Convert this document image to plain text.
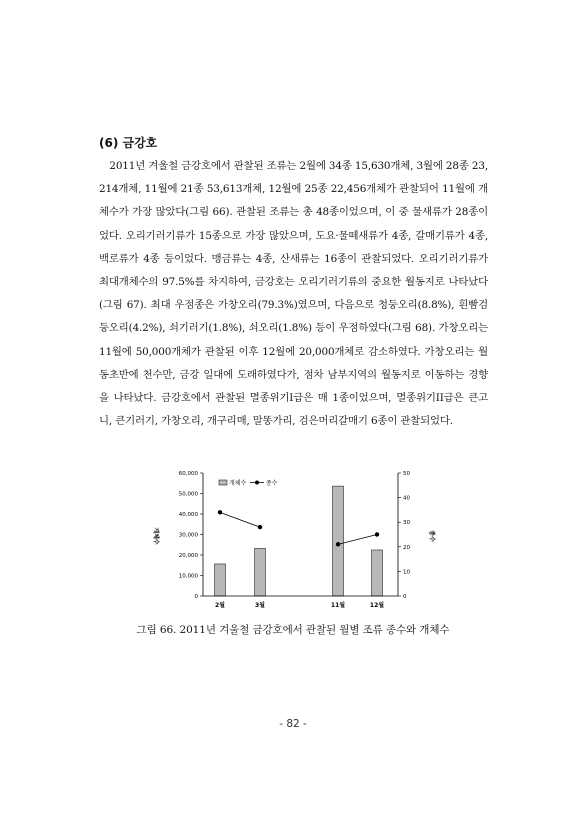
(6) 금강호

2011년 겨울철 금강호에서 관찰된 조류는 2월에 34종 15,630개체, 3월에 28종 23,214개체, 11월에 21종 53,613개체, 12월에 25종 22,456개체가 관찰되어 11월에 개체수가 가장 많았다(그림 66). 관찰된 조류는 총 48종이었으며, 이 중 물새류가 28종이었다. 오리기러기류가 15종으로 가장 많았으며, 도요·물떼새류가 4종, 갈매기류가 4종, 백로류가 4종 등이었다. 맹금류는 4종, 산새류는 16종이 관찰되었다. 오리기러기류가 최대개체수의 97.5%를 차지하여, 금강호는 오리기러기류의 중요한 월동지로 나타났다(그림 67). 최대 우점종은 가창오리(79.3%)였으며, 다음으로 청둥오리(8.8%), 흰빰검둥오리(4.2%), 쇠기러기(1.8%), 쇠오리(1.8%) 등이 우점하였다(그림 68). 가창오리는 11월에 50,000개체가 관찰된 이후 12월에 20,000개체로 감소하였다. 가창오리는 월동초반에 천수만, 금강 일대에 도래하였다가, 점차 남부지역의 월동지로 이동하는 경향을 나타났다. 금강호에서 관찰된 멸종위기I급은 매 1종이었으며, 멸종위기II급은 큰고니, 큰기러기, 가창오리, 개구리매, 말똥가리, 검은머리갈매기 6종이 관찰되었다.

0
10,000
20,000
30,000
40,000
50,000
60,000
0
10
20
30
40
50
2월	3월	11월	12월
개체수	종수
개체수	종수
그림 66. 2011년 겨울철 금강호에서 관찰된 월별 조류 종수와 개체수
- 82 -
